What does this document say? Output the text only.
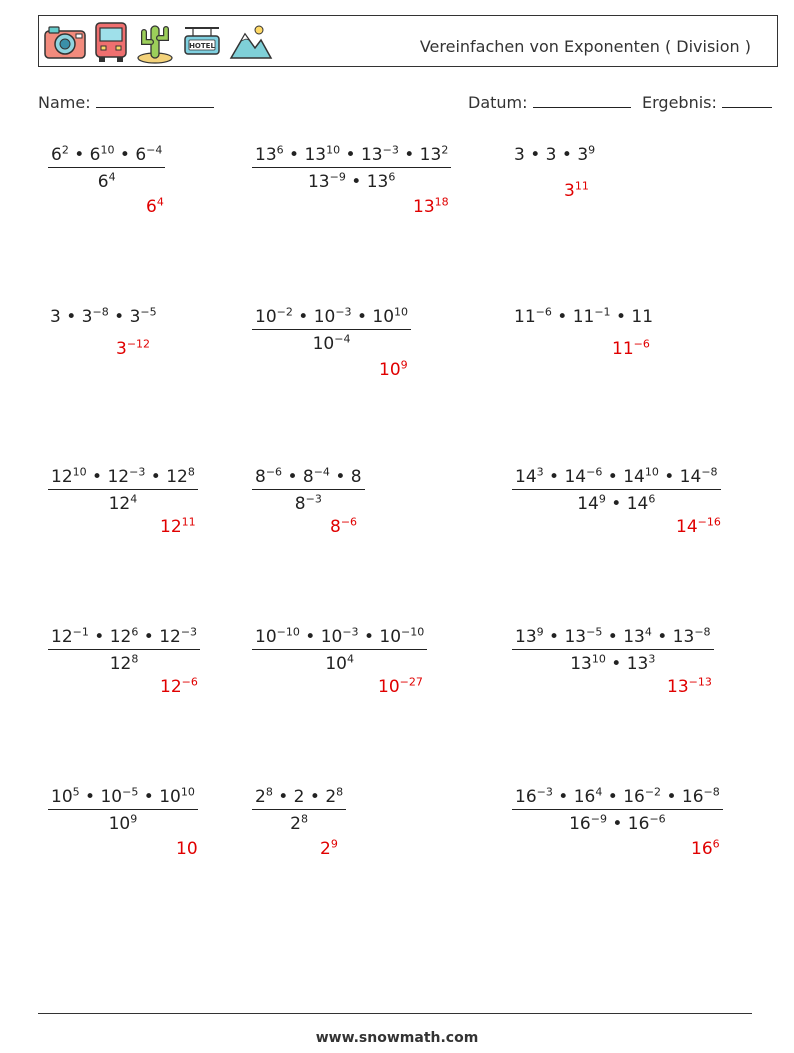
HOTEL	Vereinfachen von Exponenten ( Division )
Name:	Datum:	Ergebnis:
$\frac{6^2 • 6^{10} • 6^{-4}}{6^4}$
$6^4$
$\frac{13^6 • 13^{10} • 13^{-3} • 13^2}{13^{-9} • 13^6}$
$13^{18}$
3 • 3 • $3^9$
$3^{11}$
3 • $3^{-8}$ • $3^{-5}$
$3^{-12}$	$\frac{10^{-2} • 10^{-3} • 10^{10}}{10^{-4}}$
$10^9$
$11^{-6}$ • $11^{-1}$ • 11
$11^{-6}$
$\frac{12^{10} • 12^{-3} • 12^8}{12^4}$
$12^{11}$
$\frac{8^{-6} • 8^{-4} • 8}{8^{-3}}$
$8^{-6}$
$\frac{14^3 • 14^{-6} • 14^{10} • 14^{-8}}{14^9 • 14^6}$
$14^{-16}$
$\frac{12^{-1} • 12^6 • 12^{-3}}{12^8}$
$12^{-6}$
$\frac{10^{-10} • 10^{-3} • 10^{-10}}{10^4}$
$10^{-27}$
$\frac{13^9 • 13^{-5} • 13^4 • 13^{-8}}{13^{10} • 13^3}$
$13^{-13}$
$\frac{10^5 • 10^{-5} • 10^{10}}{10^9}$
10
$\frac{2^8 • 2 • 2^8}{2^8}$
$2^9$
$\frac{16^{-3} • 16^4 • 16^{-2} • 16^{-8}}{16^{-9} • 16^{-6}}$
$16^6$
www.snowmath.com
